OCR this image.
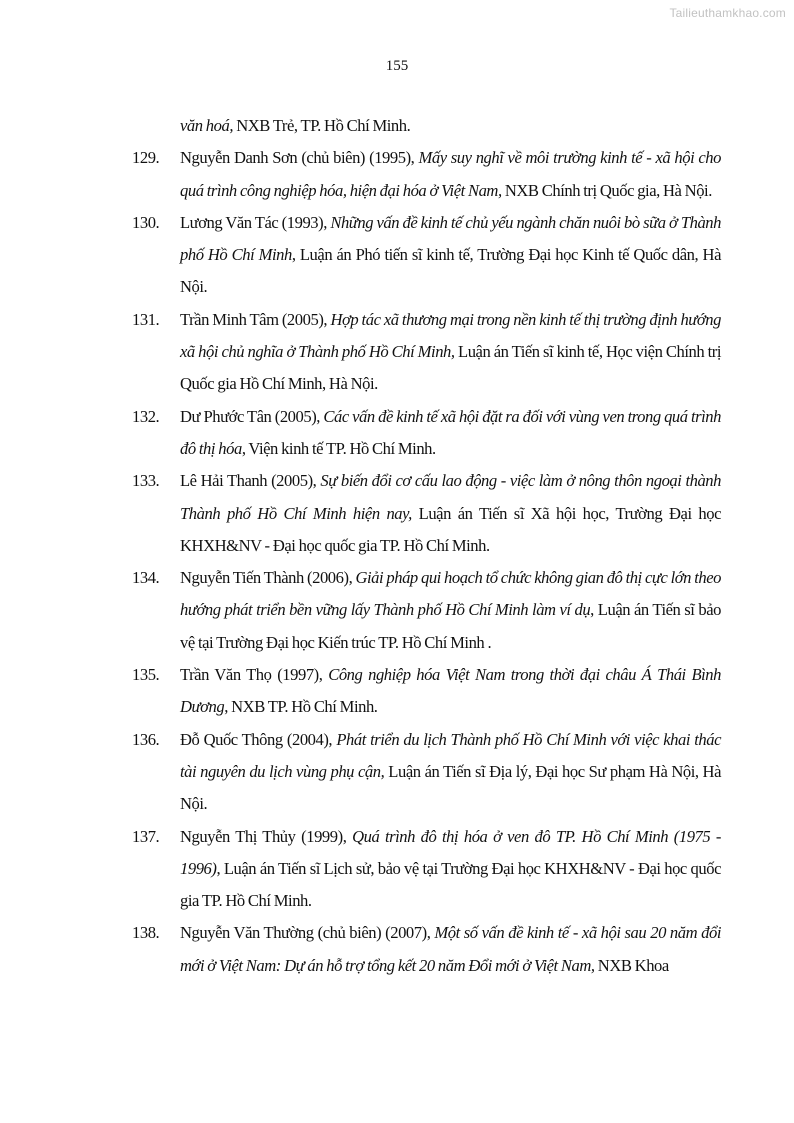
Tailieuthamkhao.com
155
văn hoá, NXB Trẻ, TP. Hồ Chí Minh.
129.	Nguyễn Danh Sơn (chủ biên) (1995), Mấy suy nghĩ về môi trường kinh tế - xã hội cho quá trình công nghiệp hóa, hiện đại hóa ở Việt Nam, NXB Chính trị Quốc gia, Hà Nội.
130.	Lương Văn Tác (1993), Những vấn đề kinh tế chủ yếu ngành chăn nuôi bò sữa ở Thành phố Hồ Chí Minh, Luận án Phó tiến sĩ kinh tế, Trường Đại học Kinh tế Quốc dân, Hà Nội.
131.	Trần Minh Tâm (2005), Hợp tác xã thương mại trong nền kinh tế thị trường định hướng xã hội chủ nghĩa ở Thành phố Hồ Chí Minh, Luận án Tiến sĩ kinh tế, Học viện Chính trị Quốc gia Hồ Chí Minh, Hà Nội.
132.	Dư Phước Tân (2005), Các vấn đề kinh tế xã hội đặt ra đối với vùng ven trong quá trình đô thị hóa, Viện kinh tế TP. Hồ Chí Minh.
133.	Lê Hải Thanh (2005), Sự biến đổi cơ cấu lao động - việc làm ở nông thôn ngoại thành Thành phố Hồ Chí Minh hiện nay, Luận án Tiến sĩ Xã hội học, Trường Đại học KHXH&NV - Đại học quốc gia TP. Hồ Chí Minh.
134.	Nguyễn Tiến Thành (2006), Giải pháp qui hoạch tổ chức không gian đô thị cực lớn theo hướng phát triển bền vững lấy Thành phố Hồ Chí Minh làm ví dụ, Luận án Tiến sĩ bảo vệ tại Trường Đại học Kiến trúc TP. Hồ Chí Minh .
135.	Trần Văn Thọ (1997), Công nghiệp hóa Việt Nam trong thời đại châu Á Thái Bình Dương, NXB TP. Hồ Chí Minh.
136.	Đỗ Quốc Thông (2004), Phát triển du lịch Thành phố Hồ Chí Minh với việc khai thác tài nguyên du lịch vùng phụ cận, Luận án Tiến sĩ Địa lý, Đại học Sư phạm Hà Nội, Hà Nội.
137.	Nguyễn Thị Thủy (1999), Quá trình đô thị hóa ở ven đô TP. Hồ Chí Minh (1975 - 1996), Luận án Tiến sĩ Lịch sử, bảo vệ tại Trường Đại học KHXH&NV - Đại học quốc gia TP. Hồ Chí Minh.
138.	Nguyễn Văn Thường (chủ biên) (2007), Một số vấn đề kinh tế - xã hội sau 20 năm đổi mới ở Việt Nam: Dự án hỗ trợ tổng kết 20 năm Đổi mới ở Việt Nam, NXB Khoa
